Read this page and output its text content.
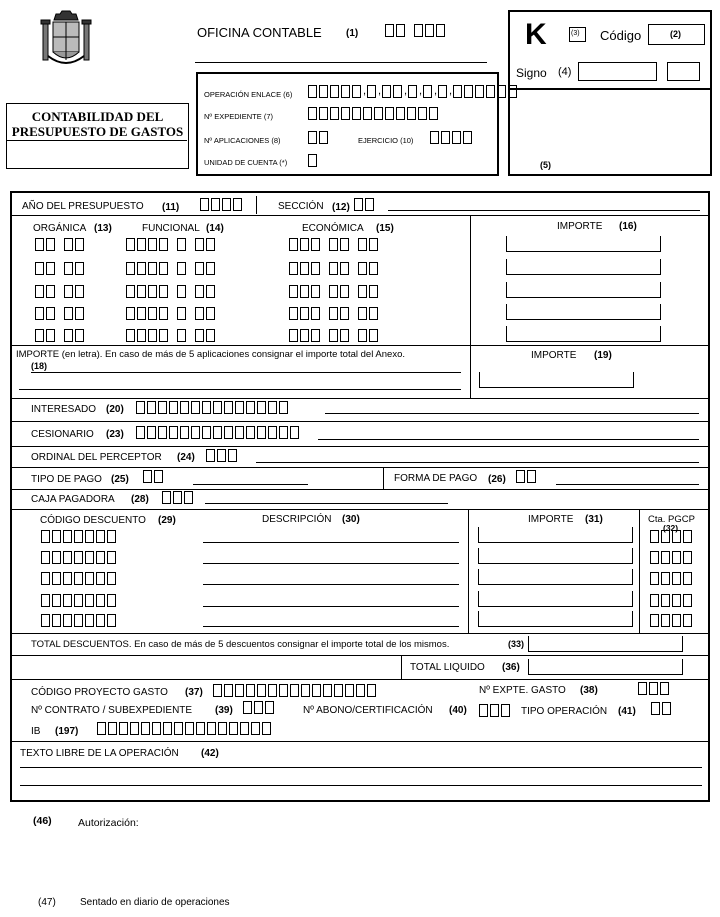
OFICINA CONTABLE (1)
CONTABILIDAD DEL PRESUPUESTO DE GASTOS
OPERACIÓN ENLACE (6)	, , , , , ,
Nº EXPEDIENTE (7)
Nº APLICACIONES (8)	EJERCICIO (10)
UNIDAD DE CUENTA (*)
K	(3) Código	(2)
Signo (4)
(5)
AÑO DEL PRESUPUESTO (11)	SECCIÓN (12)
ORGÁNICA (13)	FUNCIONAL (14)	ECONÓMICA (15)	IMPORTE (16)
IMPORTE (en letra). En caso de más de 5 aplicaciones consignar el importe total del Anexo.
(18)
IMPORTE (19)
INTERESADO (20)
CESIONARIO (23)
ORDINAL DEL PERCEPTOR (24)
TIPO DE PAGO (25)	FORMA DE PAGO (26)
CAJA PAGADORA (28)
CÓDIGO DESCUENTO (29)	DESCRIPCIÓN (30)	IMPORTE (31)	Cta. PGCP
(32)
TOTAL DESCUENTOS. En caso de más de 5 descuentos consignar el importe total de los mismos.	(33)
TOTAL LIQUIDO (36)
CÓDIGO PROYECTO GASTO (37)	Nº EXPTE. GASTO (38)
Nº CONTRATO / SUBEXPEDIENTE (39)	Nº ABONO/CERTIFICACIÓN (40)	TIPO OPERACIÓN (41)
IB (197)
TEXTO LIBRE DE LA OPERACIÓN (42)
(46)	Autorización:
(47) Sentado en diario de operaciones
